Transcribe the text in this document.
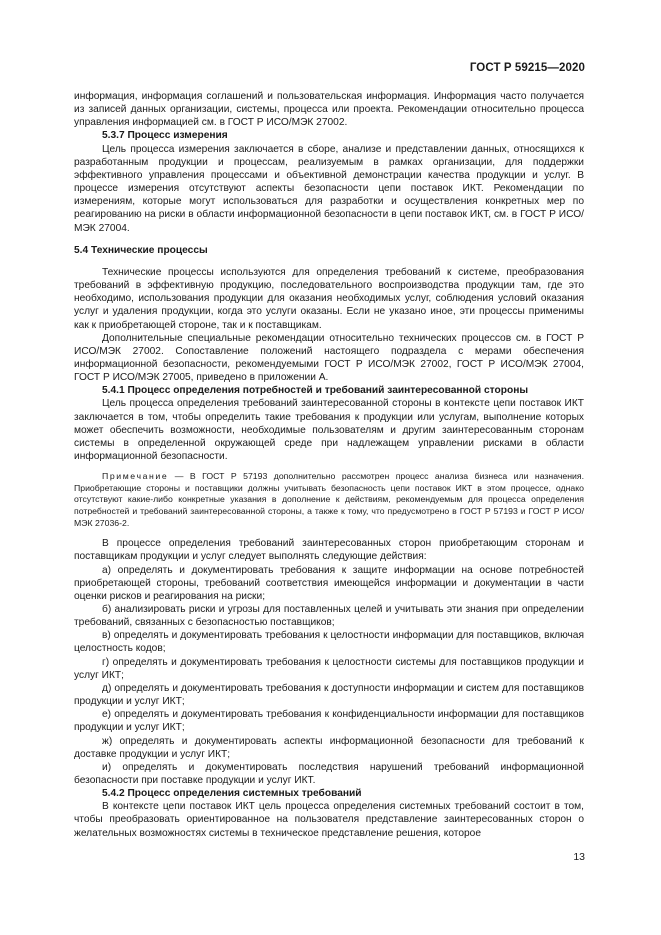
ГОСТ Р 59215—2020

информация, информация соглашений и пользовательская информация. Информация часто получается из записей данных организации, системы, процесса или проекта. Рекомендации относительно процесса управления информацией см. в ГОСТ Р ИСО/МЭК 27002.

5.3.7 Процесс измерения

Цель процесса измерения заключается в сборе, анализе и представлении данных, относящихся к разработанным продукции и процессам, реализуемым в рамках организации, для поддержки эффективного управления процессами и объективной демонстрации качества продукции и услуг. В процессе измерения отсутствуют аспекты безопасности цепи поставок ИКТ. Рекомендации по измерениям, которые могут использоваться для разработки и осуществления конкретных мер по реагированию на риски в области информационной безопасности в цепи поставок ИКТ, см. в ГОСТ Р ИСО/МЭК 27004.

5.4 Технические процессы

Технические процессы используются для определения требований к системе, преобразования требований в эффективную продукцию, последовательного воспроизводства продукции там, где это необходимо, использования продукции для оказания необходимых услуг, соблюдения условий оказания услуг и удаления продукции, когда это услуги оказаны. Если не указано иное, эти процессы применимы как к приобретающей стороне, так и к поставщикам.

Дополнительные специальные рекомендации относительно технических процессов см. в ГОСТ Р ИСО/МЭК 27002. Сопоставление положений настоящего подраздела с мерами обеспечения информационной безопасности, рекомендуемыми ГОСТ Р ИСО/МЭК 27002, ГОСТ Р ИСО/МЭК 27004, ГОСТ Р ИСО/МЭК 27005, приведено в приложении А.

5.4.1 Процесс определения потребностей и требований заинтересованной стороны

Цель процесса определения требований заинтересованной стороны в контексте цепи поставок ИКТ заключается в том, чтобы определить такие требования к продукции или услугам, выполнение которых может обеспечить возможности, необходимые пользователям и другим заинтересованным сторонам системы в определенной окружающей среде при надлежащем управлении рисками в области информационной безопасности.

Примечание — В ГОСТ Р 57193 дополнительно рассмотрен процесс анализа бизнеса или назначения. Приобретающие стороны и поставщики должны учитывать безопасность цепи поставок ИКТ в этом процессе, однако отсутствуют какие-либо конкретные указания в дополнение к действиям, рекомендуемым для процесса определения потребностей и требований заинтересованной стороны, а также к тому, что предусмотрено в ГОСТ Р 57193 и ГОСТ Р ИСО/МЭК 27036-2.

В процессе определения требований заинтересованных сторон приобретающим сторонам и поставщикам продукции и услуг следует выполнять следующие действия:

а) определять и документировать требования к защите информации на основе потребностей приобретающей стороны, требований соответствия имеющейся информации и документации в части оценки рисков и реагирования на риски;

б) анализировать риски и угрозы для поставленных целей и учитывать эти знания при определении требований, связанных с безопасностью поставщиков;

в) определять и документировать требования к целостности информации для поставщиков, включая целостность кодов;

г) определять и документировать требования к целостности системы для поставщиков продукции и услуг ИКТ;

д) определять и документировать требования к доступности информации и систем для поставщиков продукции и услуг ИКТ;

е) определять и документировать требования к конфиденциальности информации для поставщиков продукции и услуг ИКТ;

ж) определять и документировать аспекты информационной безопасности для требований к доставке продукции и услуг ИКТ;

и) определять и документировать последствия нарушений требований информационной безопасности при поставке продукции и услуг ИКТ.

5.4.2 Процесс определения системных требований

В контексте цепи поставок ИКТ цель процесса определения системных требований состоит в том, чтобы преобразовать ориентированное на пользователя представление заинтересованных сторон о желательных возможностях системы в техническое представление решения, которое

13
